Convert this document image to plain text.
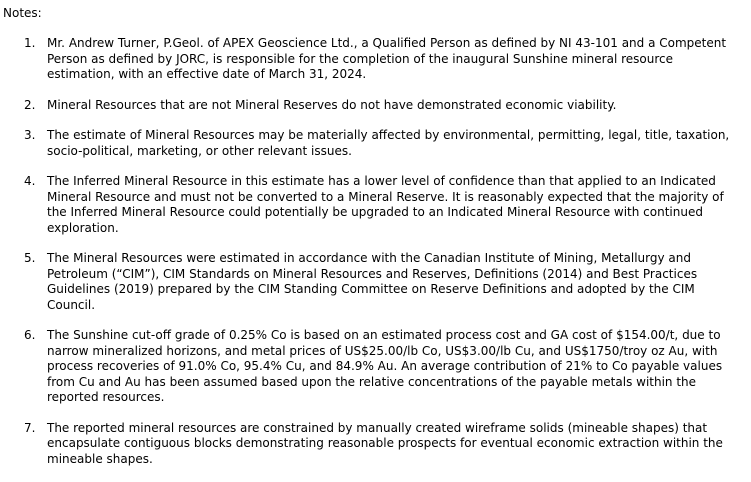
Notes:
1. Mr. Andrew Turner, P.Geol. of APEX Geoscience Ltd., a Qualified Person as defined by NI 43-101 and a Competent Person as defined by JORC, is responsible for the completion of the inaugural Sunshine mineral resource estimation, with an effective date of March 31, 2024.
2. Mineral Resources that are not Mineral Reserves do not have demonstrated economic viability.
3. The estimate of Mineral Resources may be materially affected by environmental, permitting, legal, title, taxation, socio-political, marketing, or other relevant issues.
4. The Inferred Mineral Resource in this estimate has a lower level of confidence than that applied to an Indicated Mineral Resource and must not be converted to a Mineral Reserve. It is reasonably expected that the majority of the Inferred Mineral Resource could potentially be upgraded to an Indicated Mineral Resource with continued exploration.
5. The Mineral Resources were estimated in accordance with the Canadian Institute of Mining, Metallurgy and Petroleum (“CIM”), CIM Standards on Mineral Resources and Reserves, Definitions (2014) and Best Practices Guidelines (2019) prepared by the CIM Standing Committee on Reserve Definitions and adopted by the CIM Council.
6. The Sunshine cut-off grade of 0.25% Co is based on an estimated process cost and GA cost of $154.00/t, due to narrow mineralized horizons, and metal prices of US$25.00/lb Co, US$3.00/lb Cu, and US$1750/troy oz Au, with process recoveries of 91.0% Co, 95.4% Cu, and 84.9% Au. An average contribution of 21% to Co payable values from Cu and Au has been assumed based upon the relative concentrations of the payable metals within the reported resources.
7. The reported mineral resources are constrained by manually created wireframe solids (mineable shapes) that encapsulate contiguous blocks demonstrating reasonable prospects for eventual economic extraction within the mineable shapes.
